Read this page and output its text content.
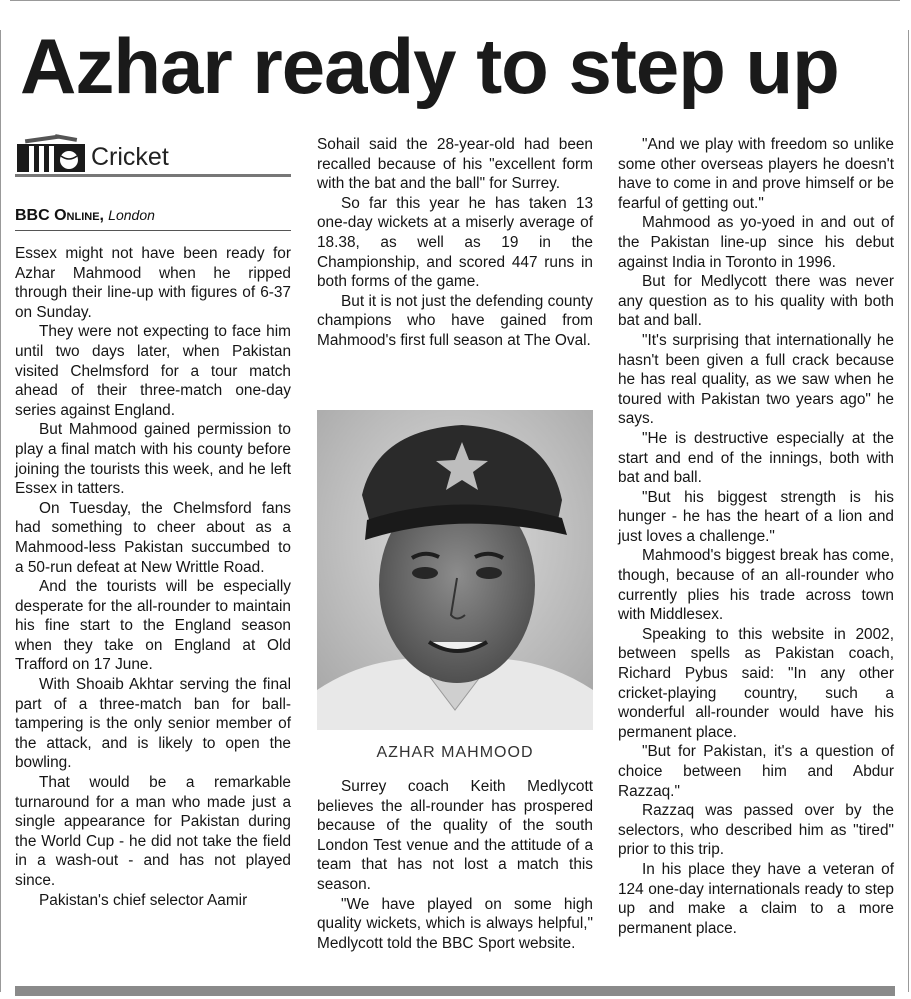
Azhar ready to step up
Cricket
BBC Online, London

Essex might not have been ready for Azhar Mahmood when he ripped through their line-up with figures of 6-37 on Sunday.

They were not expecting to face him until two days later, when Pakistan visited Chelmsford for a tour match ahead of their three-match one-day series against England.

But Mahmood gained permission to play a final match with his county before joining the tourists this week, and he left Essex in tatters.

On Tuesday, the Chelmsford fans had something to cheer about as a Mahmood-less Pakistan succumbed to a 50-run defeat at New Writtle Road.

And the tourists will be especially desperate for the all-rounder to maintain his fine start to the England season when they take on England at Old Trafford on 17 June.

With Shoaib Akhtar serving the final part of a three-match ban for ball-tampering is the only senior member of the attack, and is likely to open the bowling.

That would be a remarkable turnaround for a man who made just a single appearance for Pakistan during the World Cup - he did not take the field in a wash-out - and has not played since.

Pakistan's chief selector Aamir

Sohail said the 28-year-old had been recalled because of his "excellent form with the bat and the ball" for Surrey.

So far this year he has taken 13 one-day wickets at a miserly average of 18.38, as well as 19 in the Championship, and scored 447 runs in both forms of the game.

But it is not just the defending county champions who have gained from Mahmood's first full season at The Oval.

AZHAR MAHMOOD

Surrey coach Keith Medlycott believes the all-rounder has prospered because of the quality of the south London Test venue and the attitude of a team that has not lost a match this season.

"We have played on some high quality wickets, which is always helpful," Medlycott told the BBC Sport website.

"And we play with freedom so unlike some other overseas players he doesn't have to come in and prove himself or be fearful of getting out."

Mahmood as yo-yoed in and out of the Pakistan line-up since his debut against India in Toronto in 1996.

But for Medlycott there was never any question as to his quality with both bat and ball.

"It's surprising that internationally he hasn't been given a full crack because he has real quality, as we saw when he toured with Pakistan two years ago" he says.

"He is destructive especially at the start and end of the innings, both with bat and ball.

"But his biggest strength is his hunger - he has the heart of a lion and just loves a challenge."

Mahmood's biggest break has come, though, because of an all-rounder who currently plies his trade across town with Middlesex.

Speaking to this website in 2002, between spells as Pakistan coach, Richard Pybus said: "In any other cricket-playing country, such a wonderful all-rounder would have his permanent place.

"But for Pakistan, it's a question of choice between him and Abdur Razzaq."

Razzaq was passed over by the selectors, who described him as "tired" prior to this trip.

In his place they have a veteran of 124 one-day internationals ready to step up and make a claim to a more permanent place.
